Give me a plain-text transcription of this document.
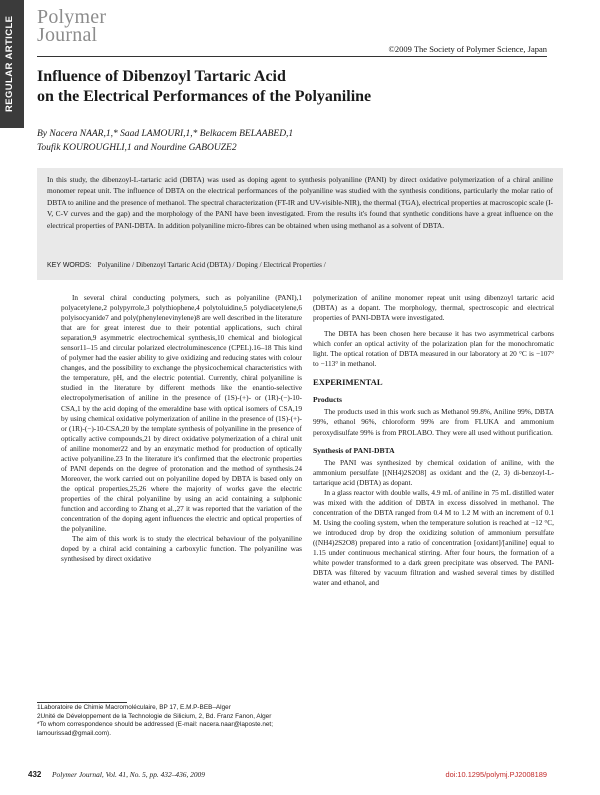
REGULAR ARTICLE Polymer
Journal
©2009 The Society of Polymer Science, Japan
Influence of Dibenzoyl Tartaric Acid
on the Electrical Performances of the Polyaniline
By Nacera NAAR,1,* Saad LAMOURI,1,* Belkacem BELAABED,1
Toufik KOUROUGHLI,1 and Nourdine GABOUZE2
In this study, the dibenzoyl-L-tartaric acid (DBTA) was used as doping agent to synthesis polyaniline (PANI) by direct oxidative polymerization of a chiral aniline monomer repeat unit. The influence of DBTA on the electrical performances of the polyaniline was studied with the synthesis conditions, particularly the molar ratio of DBTA to aniline and the presence of methanol. The spectral characterization (FT-IR and UV-visible-NIR), the thermal (TGA), electrical properties at macroscopic scale (I-V, C-V curves and the gap) and the morphology of the PANI have been investigated. From the results it's found that synthetic conditions have a great influence on the electrical properties of PANI-DBTA. In addition polyaniline micro-fibres can be obtained when using methanol as a solvent of DBTA.
KEY WORDS: Polyaniline / Dibenzoyl Tartaric Acid (DBTA) / Doping / Electrical Properties /

In several chiral conducting polymers, such as polyaniline (PANI),1 polyacetylene,2 polypyrrole,3 polythiophene,4 polytoluidine,5 polydiacetylene,6 polyisocyanide7 and poly(phenylenevinylene)8 are well described in the literature that are for great interest due to their potential applications, such chiral separation,9 asymmetric electrochemical synthesis,10 chemical and biological sensor11–15 and circular polarized electroluminescence (CPEL).16–18 This kind of polymer had the easier ability to give oxidizing and reducing states with colour changes, and the possibility to exchange the physicochemical characteristics with the temperature, pH, and the electric potential. Currently, chiral polyaniline is studied in the literature by different methods like the enantio-selective electropolymerisation of aniline in the presence of (1S)-(+)- or (1R)-(−)-10-CSA,1 by the acid doping of the emeraldine base with optical isomers of CSA,19 by using chemical oxidative polymerization of aniline in the presence of (1S)-(+)-or (1R)-(−)-10-CSA,20 by the template synthesis of polyaniline in the presence of optically active compounds,21 by direct oxidative polymerization of a chiral unit of aniline monomer22 and by an enzymatic method for production of optically active polyaniline.23 In the literature it's confirmed that the electronic properties of PANI depends on the degree of protonation and the method of synthesis.24 Moreover, the work carried out on polyaniline doped by DBTA is based only on the optical properties,25,26 where the majority of works gave the electric properties of the chiral polyaniline by using an acid containing a sulphonic function and according to Zhang et al.,27 it was reported that the variation of the concentration of the doping agent influences the electric and optical properties of the polyaniline.

The aim of this work is to study the electrical behaviour of the polyaniline doped by a chiral acid containing a carboxylic function. The polyaniline was synthesised by direct oxidative

polymerization of aniline monomer repeat unit using dibenzoyl tartaric acid (DBTA) as a dopant. The morphology, thermal, spectroscopic and electrical properties of PANI-DBTA were investigated.

The DBTA has been chosen here because it has two asymmetrical carbons which confer an optical activity of the polarization plan for the monochromatic light. The optical rotation of DBTA measured in our laboratory at 20 °C is −107° to −113° in methanol.

EXPERIMENTAL
Products

The products used in this work such as Methanol 99.8%, Aniline 99%, DBTA 99%, ethanol 96%, chloroform 99% are from FLUKA and ammonium peroxydisulfate 99% is from PROLABO. They were all used without purification.

Synthesis of PANI-DBTA

The PANI was synthesized by chemical oxidation of aniline, with the ammonium persulfate [(NH4)2S2O8] as oxidant and the (2, 3) di-benzoyl-L-tartarique acid (DBTA) as dopant.

In a glass reactor with double walls, 4.9 mL of aniline in 75 mL distilled water was mixed with the addition of DBTA in excess dissolved in methanol. The concentration of the DBTA ranged from 0.4 M to 1.2 M with an increment of 0.1 M. Using the cooling system, when the temperature solution is reached at −12 °C, we introduced drop by drop the oxidizing solution of ammonium persulfate ((NH4)2S2O8) prepared into a ratio of concentration [oxidant]/[aniline] equal to 1.15 under continuous mechanical stirring. After four hours, the formation of a white powder transformed to a dark green precipitate was observed. The PANI-DBTA was filtered by vacuum filtration and washed several times by distilled water and ethanol, and

1Laboratoire de Chimie Macromoléculaire, BP 17, E.M.P-BEB–Alger
2Unité de Développement de la Technologie de Silicium, 2, Bd. Franz Fanon, Alger
*To whom correspondence should be addressed (E-mail: nacera.naar@laposte.net; lamourissad@gmail.com).
432 Polymer Journal, Vol. 41, No. 5, pp. 432–436, 2009	doi:10.1295/polymj.PJ2008189
